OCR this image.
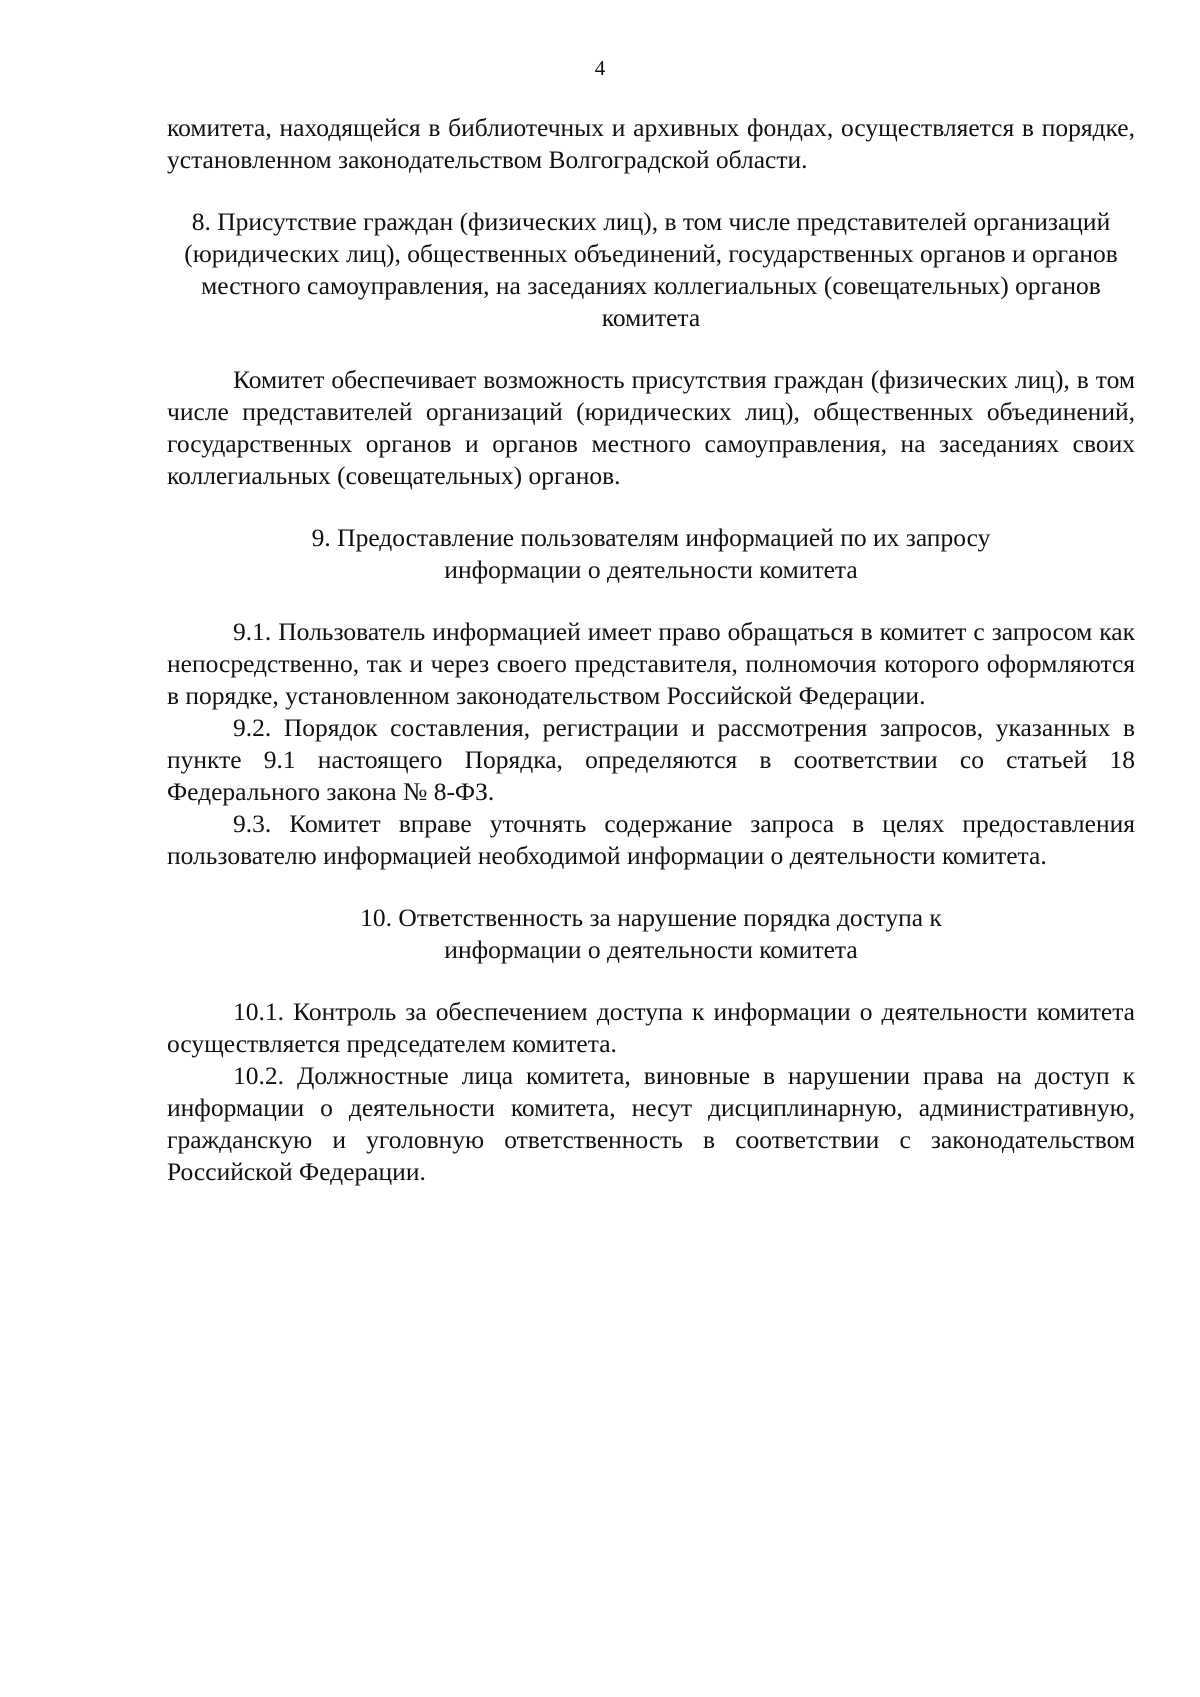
4

комитета, находящейся в библиотечных и архивных фондах, осуществляется в порядке, установленном законодательством Волгоградской области.

8. Присутствие граждан (физических лиц), в том числе представителей организаций (юридических лиц), общественных объединений, государственных органов и органов местного самоуправления, на заседаниях коллегиальных (совещательных) органов комитета

Комитет обеспечивает возможность присутствия граждан (физических лиц), в том числе представителей организаций (юридических лиц), общественных объединений, государственных органов и органов местного самоуправления, на заседаниях своих коллегиальных (совещательных) органов.

9. Предоставление пользователям информацией по их запросу информации о деятельности комитета

9.1. Пользователь информацией имеет право обращаться в комитет с запросом как непосредственно, так и через своего представителя, полномочия которого оформляются в порядке, установленном законодательством Российской Федерации.

9.2. Порядок составления, регистрации и рассмотрения запросов, указанных в пункте 9.1 настоящего Порядка, определяются в соответствии со статьей 18 Федерального закона № 8-ФЗ.

9.3. Комитет вправе уточнять содержание запроса в целях предоставления пользователю информацией необходимой информации о деятельности комитета.

10. Ответственность за нарушение порядка доступа к информации о деятельности комитета

10.1. Контроль за обеспечением доступа к информации о деятельности комитета осуществляется председателем комитета.

10.2. Должностные лица комитета, виновные в нарушении права на доступ к информации о деятельности комитета, несут дисциплинарную, административную, гражданскую и уголовную ответственность в соответствии с законодательством Российской Федерации.
